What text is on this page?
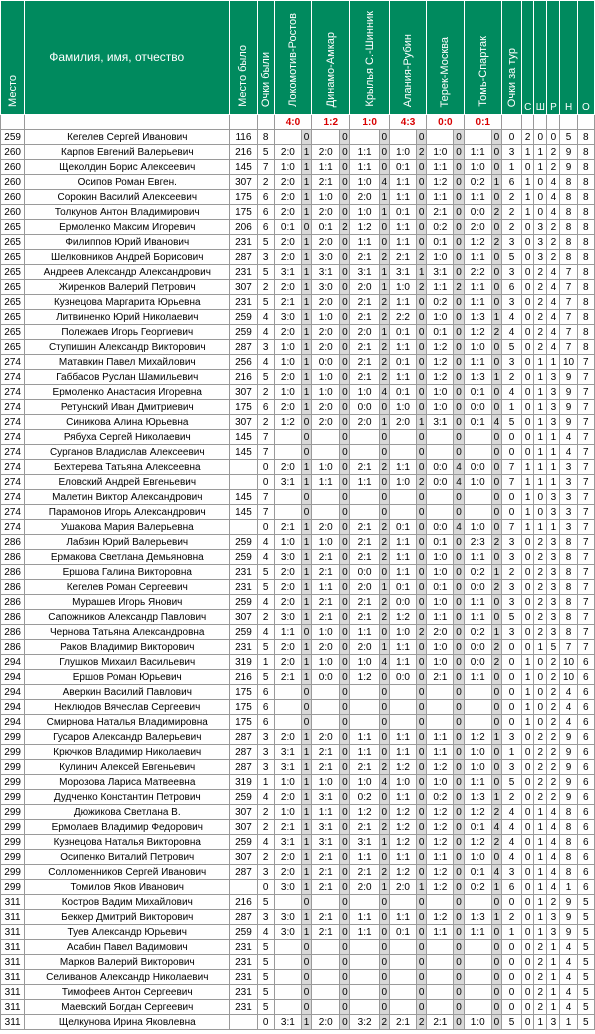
Место	Фамилия, имя, отчество	Место было	Очки были	Локомотив-Ростов		Динамо-Амкар		Крылья С.-Шинник		Алания-Рубин		Терек-Москва		Томь-Спартак		Очки за тур	С	Ш	Р	Н	О
				4:0		1:2		1:0		4:3		0:0		0:1							
259	Кегелев Сергей Иванович	116	8		0		0		0		0		0		0	0	2	0	0	5	8
260	Карпов Евгений Валерьевич	216	5	2:0	1	2:0	0	1:1	0	1:0	2	1:0	0	1:1	0	3	1	1	2	9	8
260	Щеколдин Борис Алексеевич	145	7	1:0	1	1:1	0	1:1	0	0:1	0	1:1	0	1:0	0	1	0	1	2	9	8
260	Осипов Роман Евген.	307	2	2:0	1	2:1	0	1:0	4	1:1	0	1:2	0	0:2	1	6	1	0	4	8	8
260	Сорокин Василий Алексеевич	175	6	2:0	1	1:0	0	2:0	1	1:1	0	1:1	0	1:1	0	2	1	0	4	8	8
260	Толкунов Антон Владимирович	175	6	2:0	1	2:0	0	1:0	1	0:1	0	2:1	0	0:0	2	2	1	0	4	8	8
265	Ермоленко Максим Игоревич	206	6	0:1	0	0:1	2	1:2	0	1:1	0	0:2	0	2:0	0	2	0	3	2	8	8
265	Филиппов Юрий Иванович	231	5	2:0	1	2:0	0	1:1	0	1:1	0	0:1	0	1:2	2	3	0	3	2	8	8
265	Шелковников Андрей Борисович	287	3	2:0	1	3:0	0	2:1	2	2:1	2	1:0	0	1:1	0	5	0	3	2	8	8
265	Андреев Александр Александрович	231	5	3:1	1	3:1	0	3:1	1	3:1	1	3:1	0	2:2	0	3	0	2	4	7	8
265	Жиренков Валерий Петрович	307	2	2:0	1	3:0	0	2:0	1	1:0	2	1:1	2	1:1	0	6	0	2	4	7	8
265	Кузнецова Маргарита Юрьевна	231	5	2:1	1	2:0	0	2:1	2	1:1	0	0:2	0	1:1	0	3	0	2	4	7	8
265	Литвиненко Юрий Николаевич	259	4	3:0	1	1:0	0	2:1	2	2:2	0	1:0	0	1:3	1	4	0	2	4	7	8
265	Полежаев Игорь Георгиевич	259	4	2:0	1	2:0	0	2:0	1	0:1	0	0:1	0	1:2	2	4	0	2	4	7	8
265	Ступишин Александр Викторович	287	3	1:0	1	2:0	0	2:1	2	1:1	0	1:2	0	1:0	0	5	0	2	4	7	8
274	Матавкин Павел Михайлович	256	4	1:0	1	0:0	0	2:1	2	0:1	0	1:2	0	1:1	0	3	0	1	1	10	7
274	Габбасов Руслан Шамильевич	216	5	2:0	1	1:0	0	2:1	2	1:1	0	1:2	0	1:3	1	2	0	1	3	9	7
274	Ермоленко Анастасия Игоревна	307	2	1:0	1	1:0	0	1:0	4	0:1	0	1:0	0	0:1	0	4	0	1	3	9	7
274	Ретунский Иван Дмитриевич	175	6	2:0	1	2:0	0	0:0	0	1:0	0	1:0	0	0:0	0	1	0	1	3	9	7
274	Синикова Алина Юрьевна	307	2	1:2	0	2:0	0	2:0	1	2:0	1	3:1	0	0:1	4	5	0	1	3	9	7
274	Рябуха Сергей Николаевич	145	7		0		0		0		0		0		0	0	0	1	1	4	7
274	Сурганов Владислав Алексеевич	145	7		0		0		0		0		0		0	0	0	1	1	4	7
274	Бехтерева Татьяна Алексеевна		0	2:0	1	1:0	0	2:1	2	1:1	0	0:0	4	0:0	0	7	1	1	1	3	7
274	Еловский Андрей Евгеньевич		0	3:1	1	1:1	0	1:1	0	1:0	2	0:0	4	1:0	0	7	1	1	1	3	7
274	Малетин Виктор Александрович	145	7		0		0		0		0		0		0	0	1	0	3	3	7
274	Парамонов Игорь Александрович	145	7		0		0		0		0		0		0	0	1	0	3	3	7
274	Ушакова Мария Валерьевна		0	2:1	1	2:0	0	2:1	2	0:1	0	0:0	4	1:0	0	7	1	1	1	3	7
286	Лабзин Юрий Валерьевич	259	4	1:0	1	1:0	0	2:1	2	1:1	0	0:1	0	2:3	2	3	0	2	3	8	7
286	Ермакова Светлана Демьяновна	259	4	3:0	1	2:1	0	2:1	2	1:1	0	1:0	0	1:1	0	3	0	2	3	8	7
286	Ершова Галина Викторовна	231	5	2:0	1	2:1	0	0:0	0	1:1	0	1:0	0	0:2	1	2	0	2	3	8	7
286	Кегелев Роман Сергеевич	231	5	2:0	1	1:1	0	2:0	1	0:1	0	0:1	0	0:0	2	3	0	2	3	8	7
286	Мурашев Игорь Янович	259	4	2:0	1	2:1	0	2:1	2	0:0	0	1:0	0	1:1	0	3	0	2	3	8	7
286	Сапожников Александр Павлович	307	2	3:0	1	2:1	0	2:1	2	1:2	0	1:1	0	1:1	0	5	0	2	3	8	7
286	Чернова Татьяна Александровна	259	4	1:1	0	1:0	0	1:1	0	1:0	2	2:0	0	0:2	1	3	0	2	3	8	7
286	Раков Владимир Викторович	231	5	2:0	1	2:0	0	2:0	1	1:1	0	1:0	0	0:0	2	0	0	1	5	7	7
294	Глушков Михаил Васильевич	319	1	2:0	1	1:0	0	1:0	4	1:1	0	1:0	0	0:0	2	0	1	0	2	10	6
294	Ершов Роман Юрьевич	216	5	2:1	1	0:0	0	1:2	0	0:0	0	2:1	0	1:1	0	0	1	0	2	10	6
294	Аверкин Василий Павлович	175	6		0		0		0		0		0		0	0	1	0	2	4	6
294	Неклюдов Вячеслав Сергеевич	175	6		0		0		0		0		0		0	0	1	0	2	4	6
294	Смирнова Наталья Владимировна	175	6		0		0		0		0		0		0	0	1	0	2	4	6
299	Гусаров Александр Валерьевич	287	3	2:0	1	2:0	0	1:1	0	1:1	0	1:1	0	1:2	1	3	0	2	2	9	6
299	Крючков Владимир Николаевич	287	3	3:1	1	2:1	0	1:1	0	1:1	0	1:1	0	1:0	0	1	0	2	2	9	6
299	Кулинич Алексей Евгеньевич	287	3	3:1	1	2:1	0	2:1	2	1:2	0	1:2	0	1:0	0	3	0	2	2	9	6
299	Морозова Лариса Матвеевна	319	1	1:0	1	1:0	0	1:0	4	1:0	0	1:0	0	1:1	0	5	0	2	2	9	6
299	Дудченко Константин Петрович	259	4	2:0	1	3:1	0	0:2	0	1:1	0	0:2	0	1:3	1	2	0	2	2	9	6
299	Дюжикова Светлана В.	307	2	1:0	1	1:1	0	1:2	0	1:2	0	1:2	0	1:2	2	4	0	1	4	8	6
299	Ермолаев Владимир Федорович	307	2	2:1	1	3:1	0	2:1	2	1:2	0	1:2	0	0:1	4	4	0	1	4	8	6
299	Кузнецова Наталья Викторовна	259	4	3:1	1	3:1	0	3:1	1	1:2	0	1:2	0	1:2	2	4	0	1	4	8	6
299	Осипенко Виталий Петрович	307	2	2:0	1	2:1	0	1:1	0	1:1	0	1:1	0	1:0	0	4	0	1	4	8	6
299	Солломенников Сергей Иванович	287	3	2:0	1	2:1	0	2:1	2	1:2	0	1:2	0	0:1	4	3	0	1	4	8	6
299	Томилов Яков Иванович		0	3:0	1	2:1	0	2:0	1	2:0	1	1:2	0	0:2	1	6	0	1	4	1	6
311	Костров Вадим Михайлович	216	5		0		0		0		0		0		0	0	0	1	2	9	5
311	Беккер Дмитрий Викторович	287	3	3:0	1	2:1	0	1:1	0	1:1	0	1:2	0	1:3	1	2	0	1	3	9	5
311	Туев Александр Юрьевич	259	4	3:0	1	2:1	0	1:1	0	0:1	0	1:1	0	1:1	0	1	0	1	3	9	5
311	Асабин Павел Вадимович	231	5		0		0		0		0		0		0	0	0	2	1	4	5
311	Марков Валерий Викторович	231	5		0		0		0		0		0		0	0	0	2	1	4	5
311	Селиванов Александр Николаевич	231	5		0		0		0		0		0		0	0	0	2	1	4	5
311	Тимофеев Антон Сергеевич	231	5		0		0		0		0		0		0	0	0	2	1	4	5
311	Маевский Богдан Сергеевич	231	5		0		0		0		0		0		0	0	0	2	1	4	5
311	Щелкунова Ирина Яковлевна		0	3:1	1	2:0	0	3:2	2	2:1	2	2:1	0	1:0	0	5	0	1	3	1	5
